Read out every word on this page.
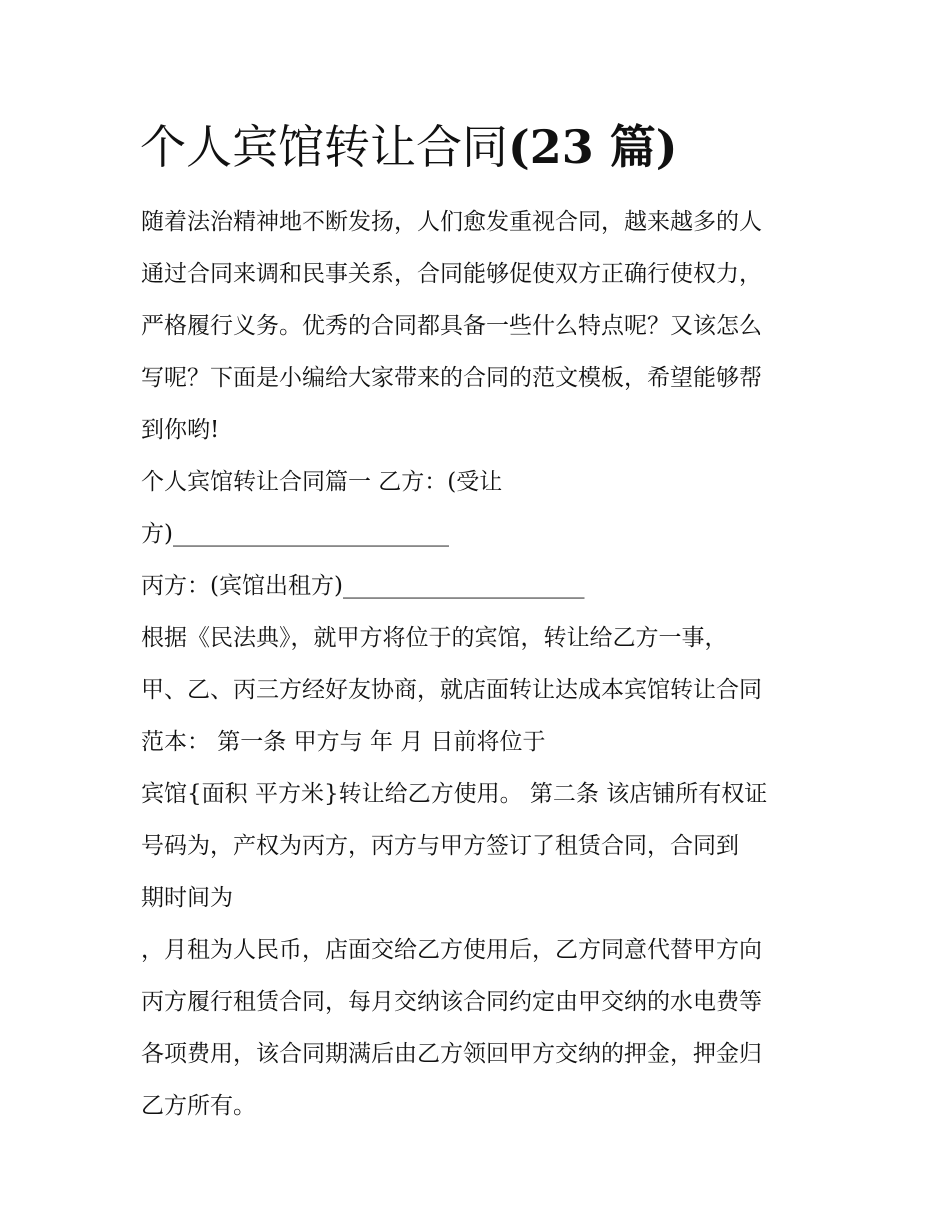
个人宾馆转让合同(23 篇)
随着法治精神地不断发扬，人们愈发重视合同，越来越多的人
通过合同来调和民事关系，合同能够促使双方正确行使权力，
严格履行义务。优秀的合同都具备一些什么特点呢？又该怎么
写呢？下面是小编给大家带来的合同的范文模板，希望能够帮
到你哟!
个人宾馆转让合同篇一 乙方：(受让
方)________________________
丙方：(宾馆出租方)_____________________
根据《民法典》，就甲方将位于的宾馆，转让给乙方一事，
甲、乙、丙三方经好友协商，就店面转让达成本宾馆转让合同
范本： 第一条 甲方与 年 月 日前将位于
宾馆{面积 平方米}转让给乙方使用。 第二条 该店铺所有权证
号码为，产权为丙方，丙方与甲方签订了租赁合同，合同到
期时间为
，月租为人民币，店面交给乙方使用后，乙方同意代替甲方向
丙方履行租赁合同，每月交纳该合同约定由甲交纳的水电费等
各项费用，该合同期满后由乙方领回甲方交纳的押金，押金归
乙方所有。
